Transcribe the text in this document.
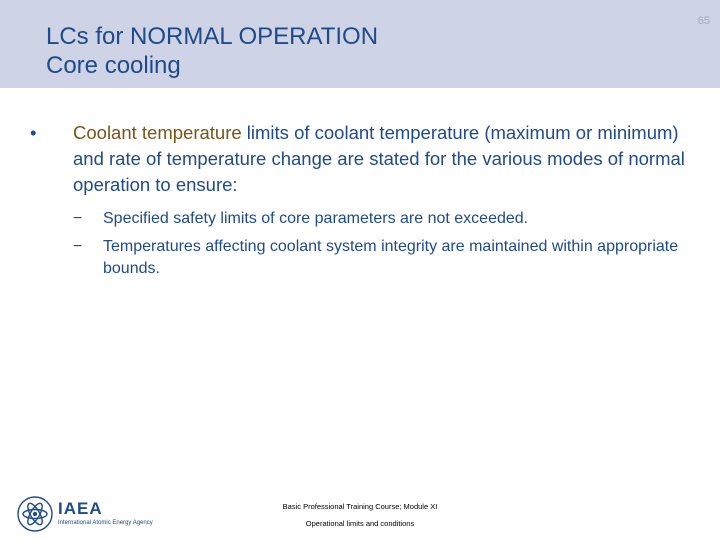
LCs for NORMAL OPERATION
Core cooling
65
• Coolant temperature limits of coolant temperature (maximum or minimum) and rate of temperature change are stated for the various modes of normal operation to ensure:
− Specified safety limits of core parameters are not exceeded.
− Temperatures affecting coolant system integrity are maintained within appropriate bounds.
IAEA
International Atomic Energy Agency
Basic Professional Training Course; Module XI
Operational limits and conditions
